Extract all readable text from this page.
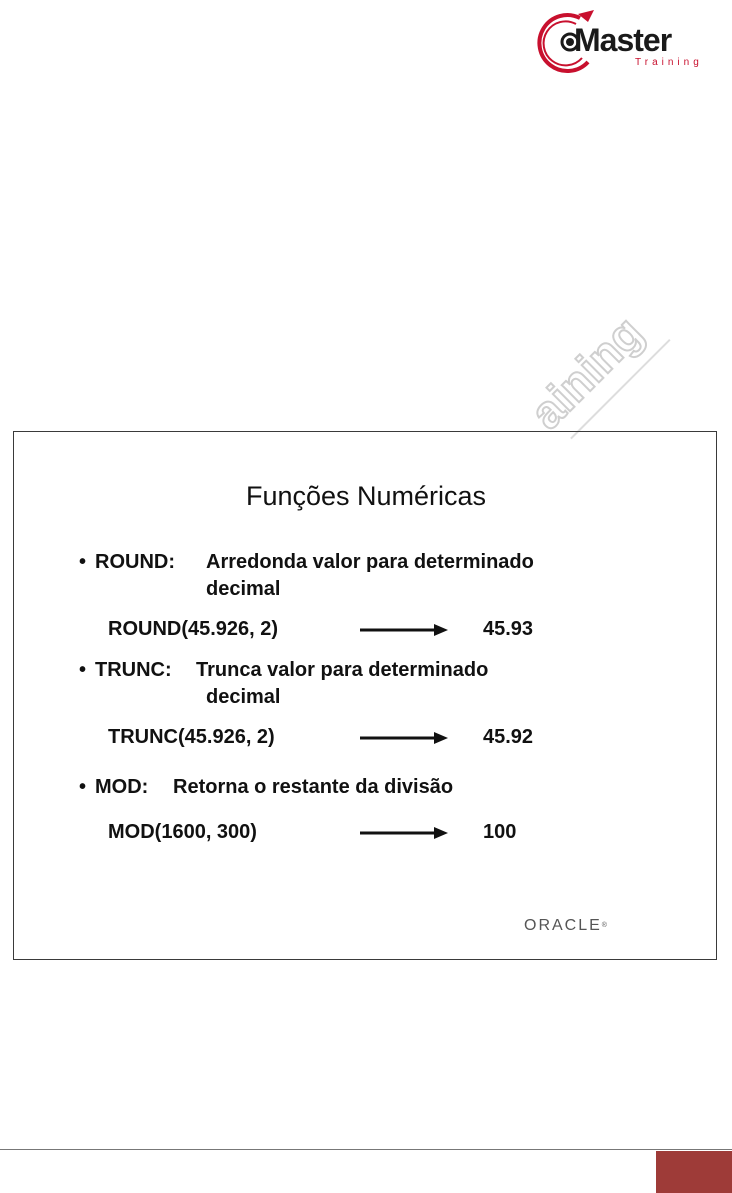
Master
Training
aining
Funções Numéricas
• ROUND: Arredonda valor para determinado
decimal
ROUND(45.926, 2)	45.93
• TRUNC: Trunca valor para determinado
decimal
TRUNC(45.926, 2)	45.92
• MOD: Retorna o restante da divisão
MOD(1600, 300)	100
ORACLE®
